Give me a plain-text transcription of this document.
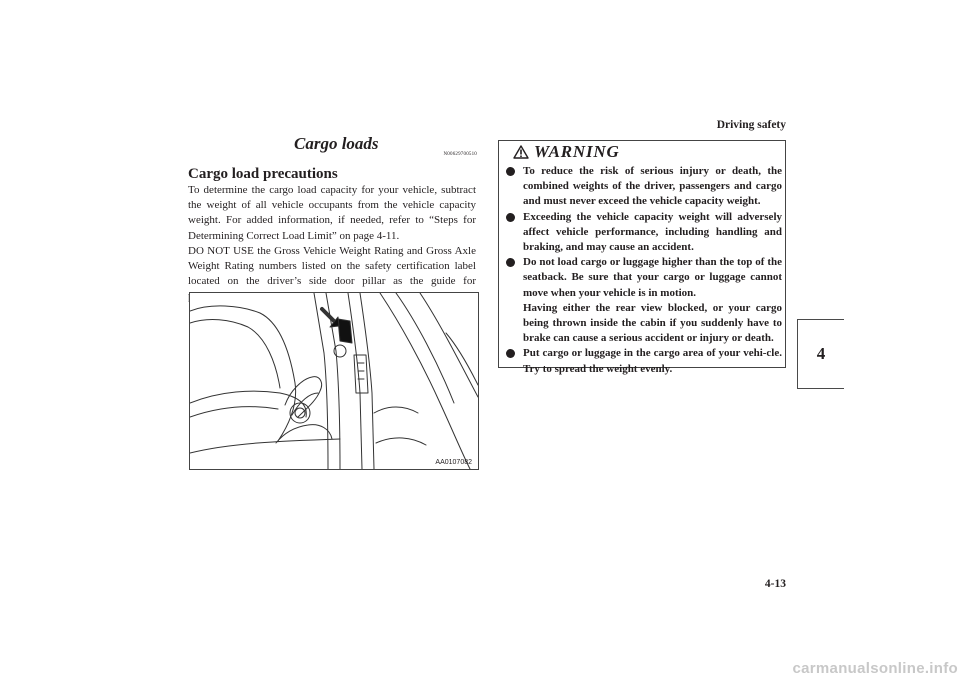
Driving safety
4
4-13
Cargo loads
N00629700510
Cargo load precautions

To determine the cargo load capacity for your vehicle, subtract the weight of all vehicle occupants from the vehicle capacity weight. For added information, if needed, refer to “Steps for Determining Correct Load Limit” on page 4-11.

DO NOT USE the Gross Vehicle Weight Rating and Gross Axle Weight Rating numbers listed on the safety certification label located on the driver’s side door pillar as the guide for

AA0107082
WARNING
To reduce the risk of serious injury or death, the combined weights of the driver, passengers and cargo and must never exceed the vehicle capacity weight.
Exceeding the vehicle capacity weight will adversely affect vehicle performance, including handling and braking, and may cause an accident.
Do not load cargo or luggage higher than the top of the seatback. Be sure that your cargo or luggage cannot move when your vehicle is in motion.
Having either the rear view blocked, or your cargo being thrown inside the cabin if you suddenly have to brake can cause a serious accident or injury or death.
Put cargo or luggage in the cargo area of your vehi-cle. Try to spread the weight evenly.
carmanualsonline.info
